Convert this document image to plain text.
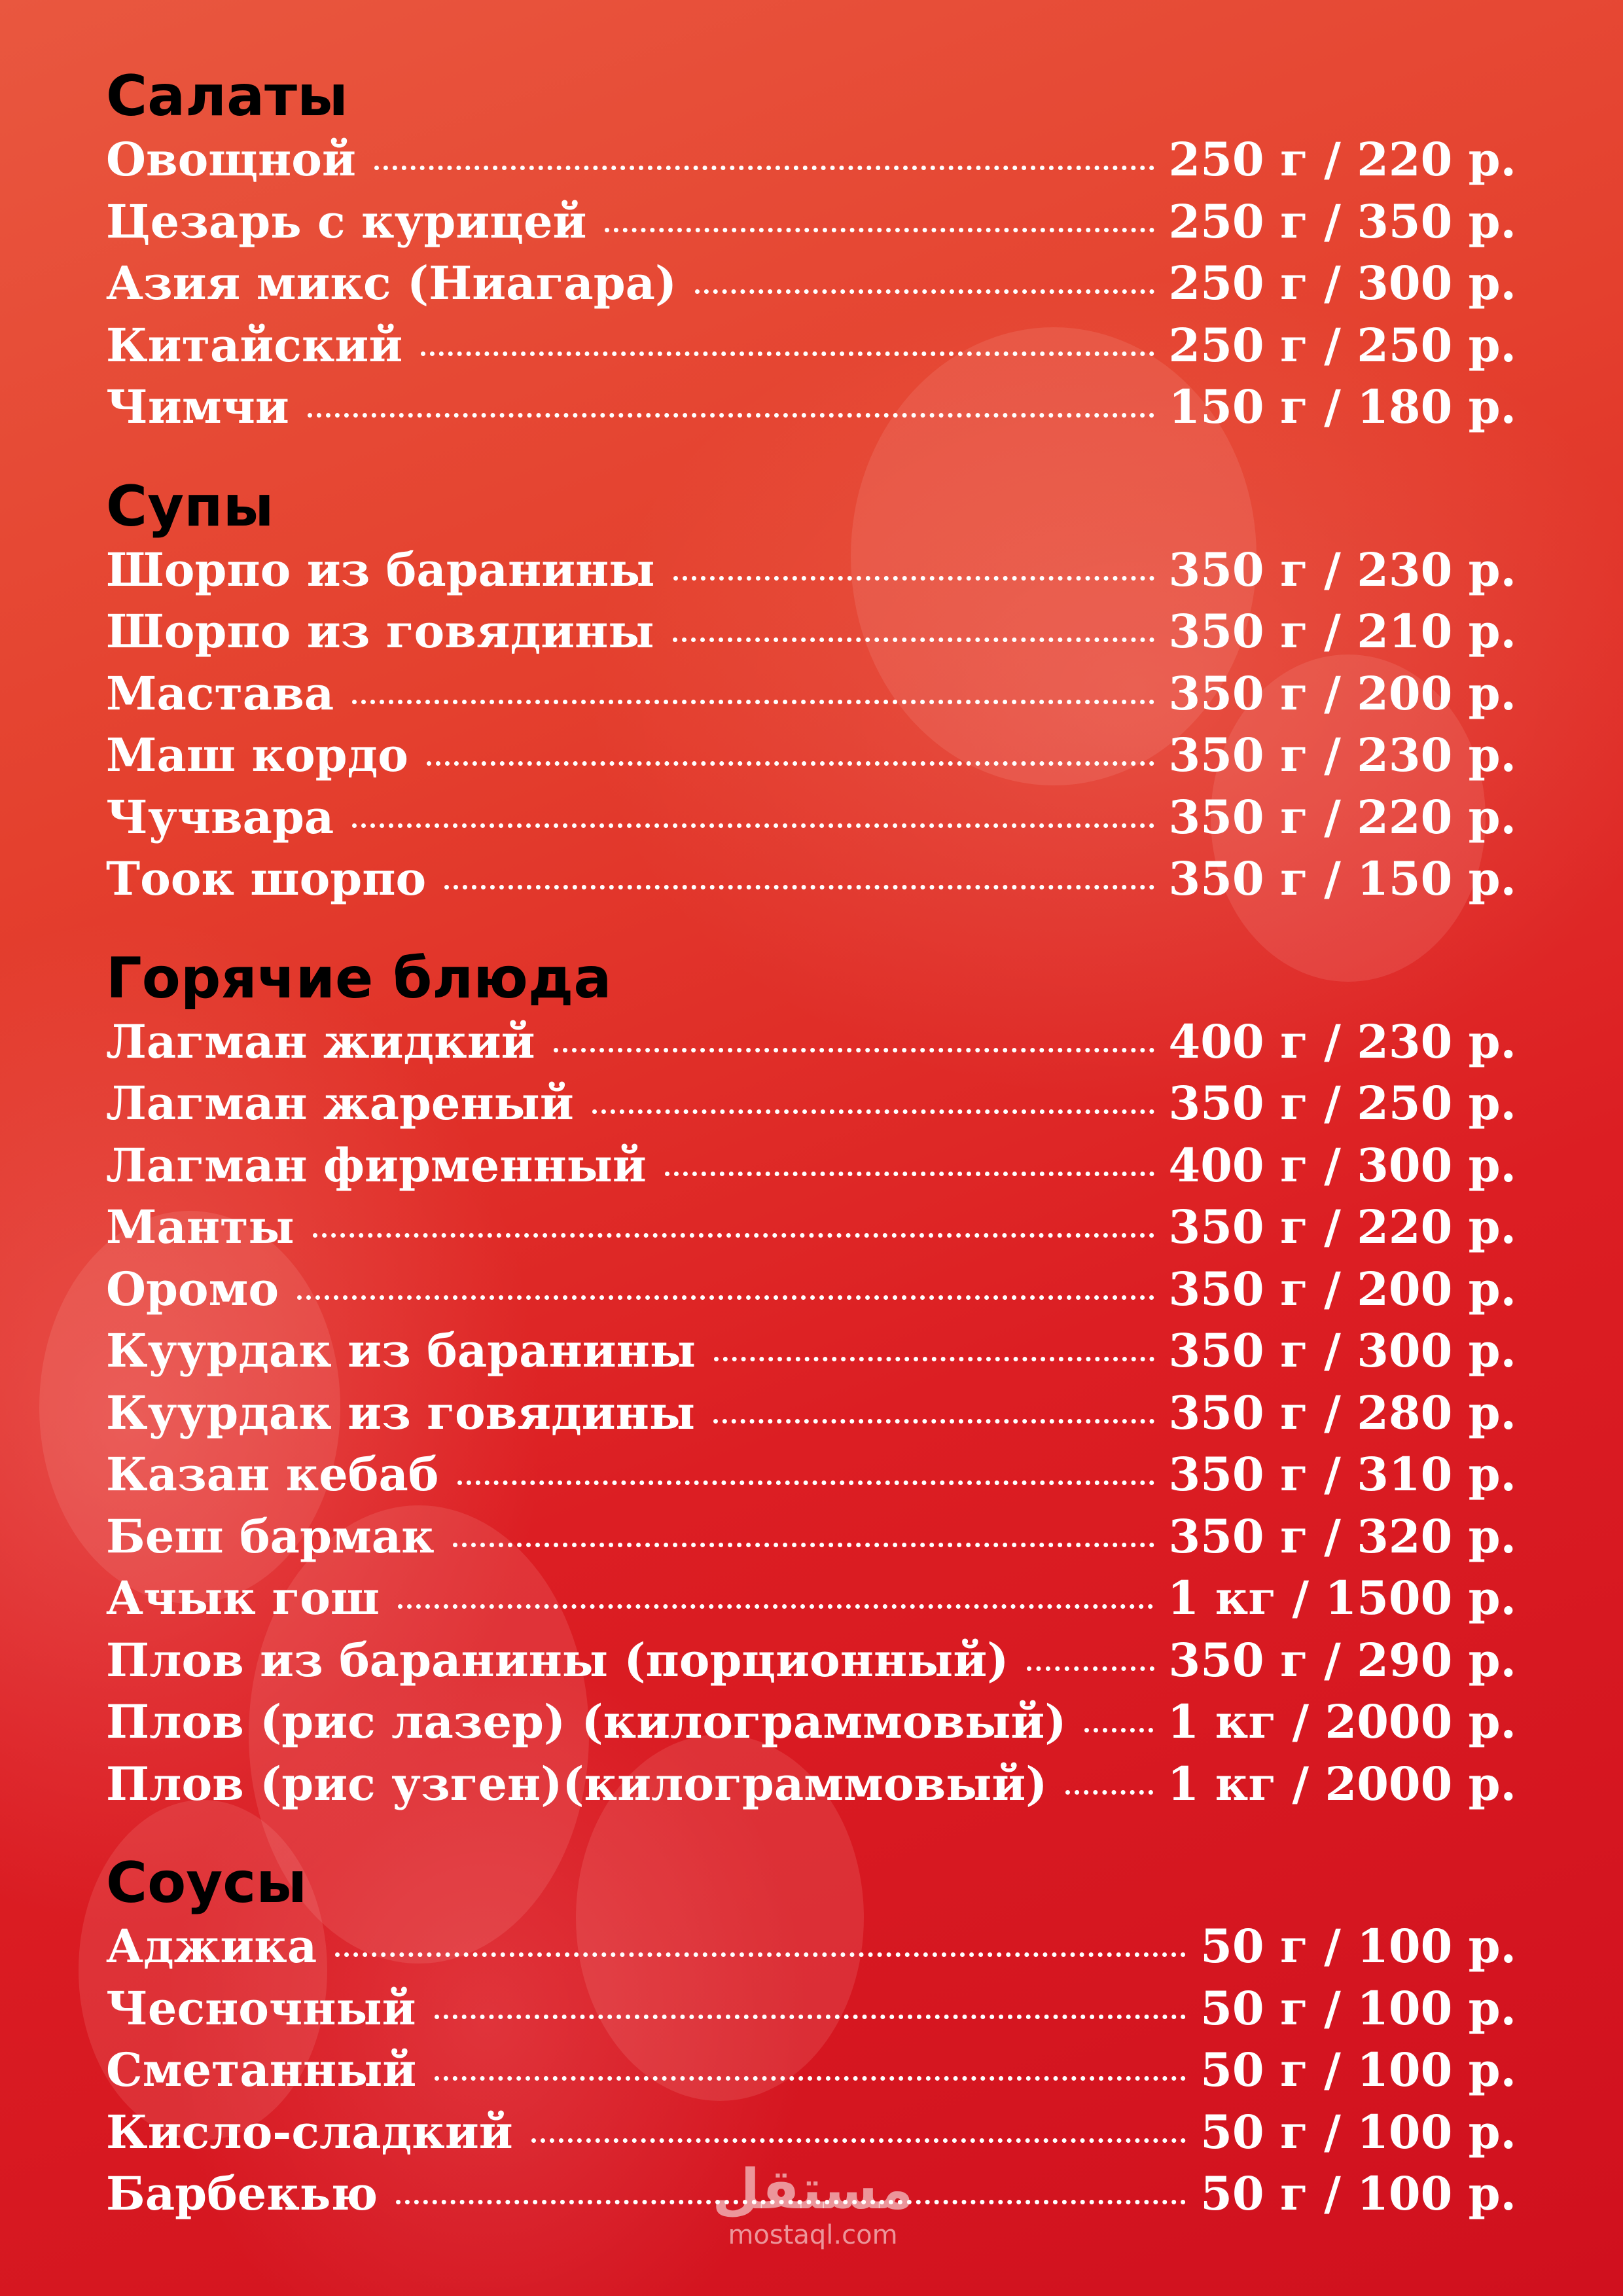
Салаты
Овощной	250 г / 220 р.
Цезарь с курицей	250 г / 350 р.
Азия микс (Ниагара)	250 г / 300 р.
Китайский	250 г / 250 р.
Чимчи	150 г / 180 р.
Супы
Шорпо из баранины	350 г / 230 р.
Шорпо из говядины	350 г / 210 р.
Мастава	350 г / 200 р.
Маш кордо	350 г / 230 р.
Чучвара	350 г / 220 р.
Тоок шорпо	350 г / 150 р.
Горячие блюда
Лагман жидкий	400 г / 230 р.
Лагман жареный	350 г / 250 р.
Лагман фирменный	400 г / 300 р.
Манты	350 г / 220 р.
Оромо	350 г / 200 р.
Куурдак из баранины	350 г / 300 р.
Куурдак из говядины	350 г / 280 р.
Казан кебаб	350 г / 310 р.
Беш бармак	350 г / 320 р.
Ачык гош	1 кг / 1500 р.
Плов из баранины (порционный)	350 г / 290 р.
Плов (рис лазер) (килограммовый) 1 кг / 2000 р.
Плов (рис узген)(килограммовый)	1 кг / 2000 р.
Соусы
Аджика	50 г / 100 р.
Чесночный	50 г / 100 р.
Сметанный	50 г / 100 р.
Кисло-сладкий	50 г / 100 р.
Барбекью	50 г / 100 р.
مستقل
mostaql.com
